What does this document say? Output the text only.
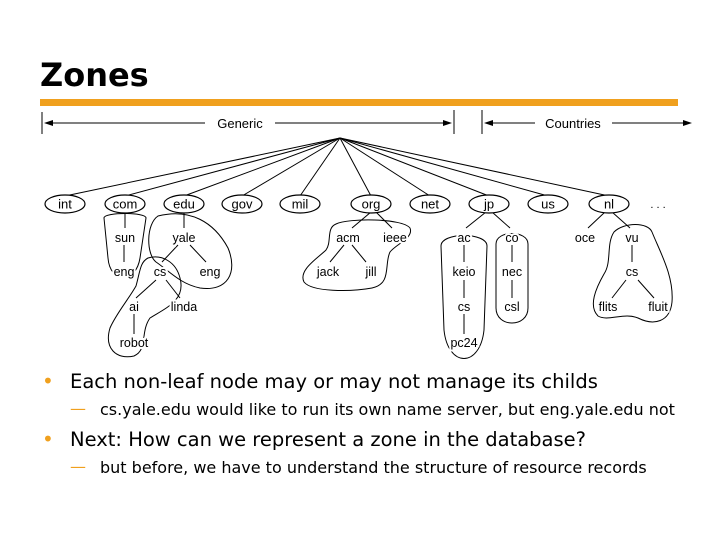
Zones
Generic	Countries
int	com	edu	gov	mil	org	net	jp	us	nl	. . .
sun
eng
yale
cs	eng
ai	linda
robot
acm ieee
jack jill
ac	co
keio nec
cs	csl
pc24
oce vu
cs
flits fluit
• Each non-leaf node may or may not manage its childs
— cs.yale.edu would like to run its own name server, but eng.yale.edu not
• Next: How can we represent a zone in the database?
— but before, we have to understand the structure of resource records
